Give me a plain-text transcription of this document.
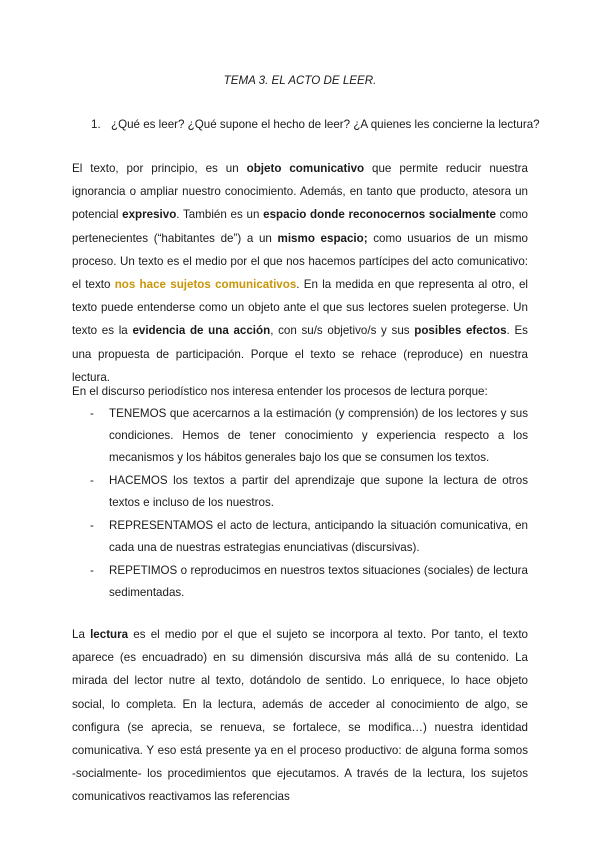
TEMA 3. EL ACTO DE LEER.
1. ¿Qué es leer? ¿Qué supone el hecho de leer? ¿A quienes les concierne la lectura?

El texto, por principio, es un objeto comunicativo que permite reducir nuestra ignorancia o ampliar nuestro conocimiento. Además, en tanto que producto, atesora un potencial expresivo. También es un espacio donde reconocernos socialmente como pertenecientes (“habitantes de”) a un mismo espacio; como usuarios de un mismo proceso. Un texto es el medio por el que nos hacemos partícipes del acto comunicativo: el texto nos hace sujetos comunicativos. En la medida en que representa al otro, el texto puede entenderse como un objeto ante el que sus lectores suelen protegerse. Un texto es la evidencia de una acción, con su/s objetivo/s y sus posibles efectos. Es una propuesta de participación. Porque el texto se rehace (reproduce) en nuestra lectura.

En el discurso periodístico nos interesa entender los procesos de lectura porque:

- TENEMOS que acercarnos a la estimación (y comprensión) de los lectores y sus condiciones. Hemos de tener conocimiento y experiencia respecto a los mecanismos y los hábitos generales bajo los que se consumen los textos.
- HACEMOS los textos a partir del aprendizaje que supone la lectura de otros textos e incluso de los nuestros.
- REPRESENTAMOS el acto de lectura, anticipando la situación comunicativa, en cada una de nuestras estrategias enunciativas (discursivas).
- REPETIMOS o reproducimos en nuestros textos situaciones (sociales) de lectura sedimentadas.

La lectura es el medio por el que el sujeto se incorpora al texto. Por tanto, el texto aparece (es encuadrado) en su dimensión discursiva más allá de su contenido. La mirada del lector nutre al texto, dotándolo de sentido. Lo enriquece, lo hace objeto social, lo completa. En la lectura, además de acceder al conocimiento de algo, se configura (se aprecia, se renueva, se fortalece, se modifica…) nuestra identidad comunicativa. Y eso está presente ya en el proceso productivo: de alguna forma somos -socialmente- los procedimientos que ejecutamos. A través de la lectura, los sujetos comunicativos reactivamos las referencias
